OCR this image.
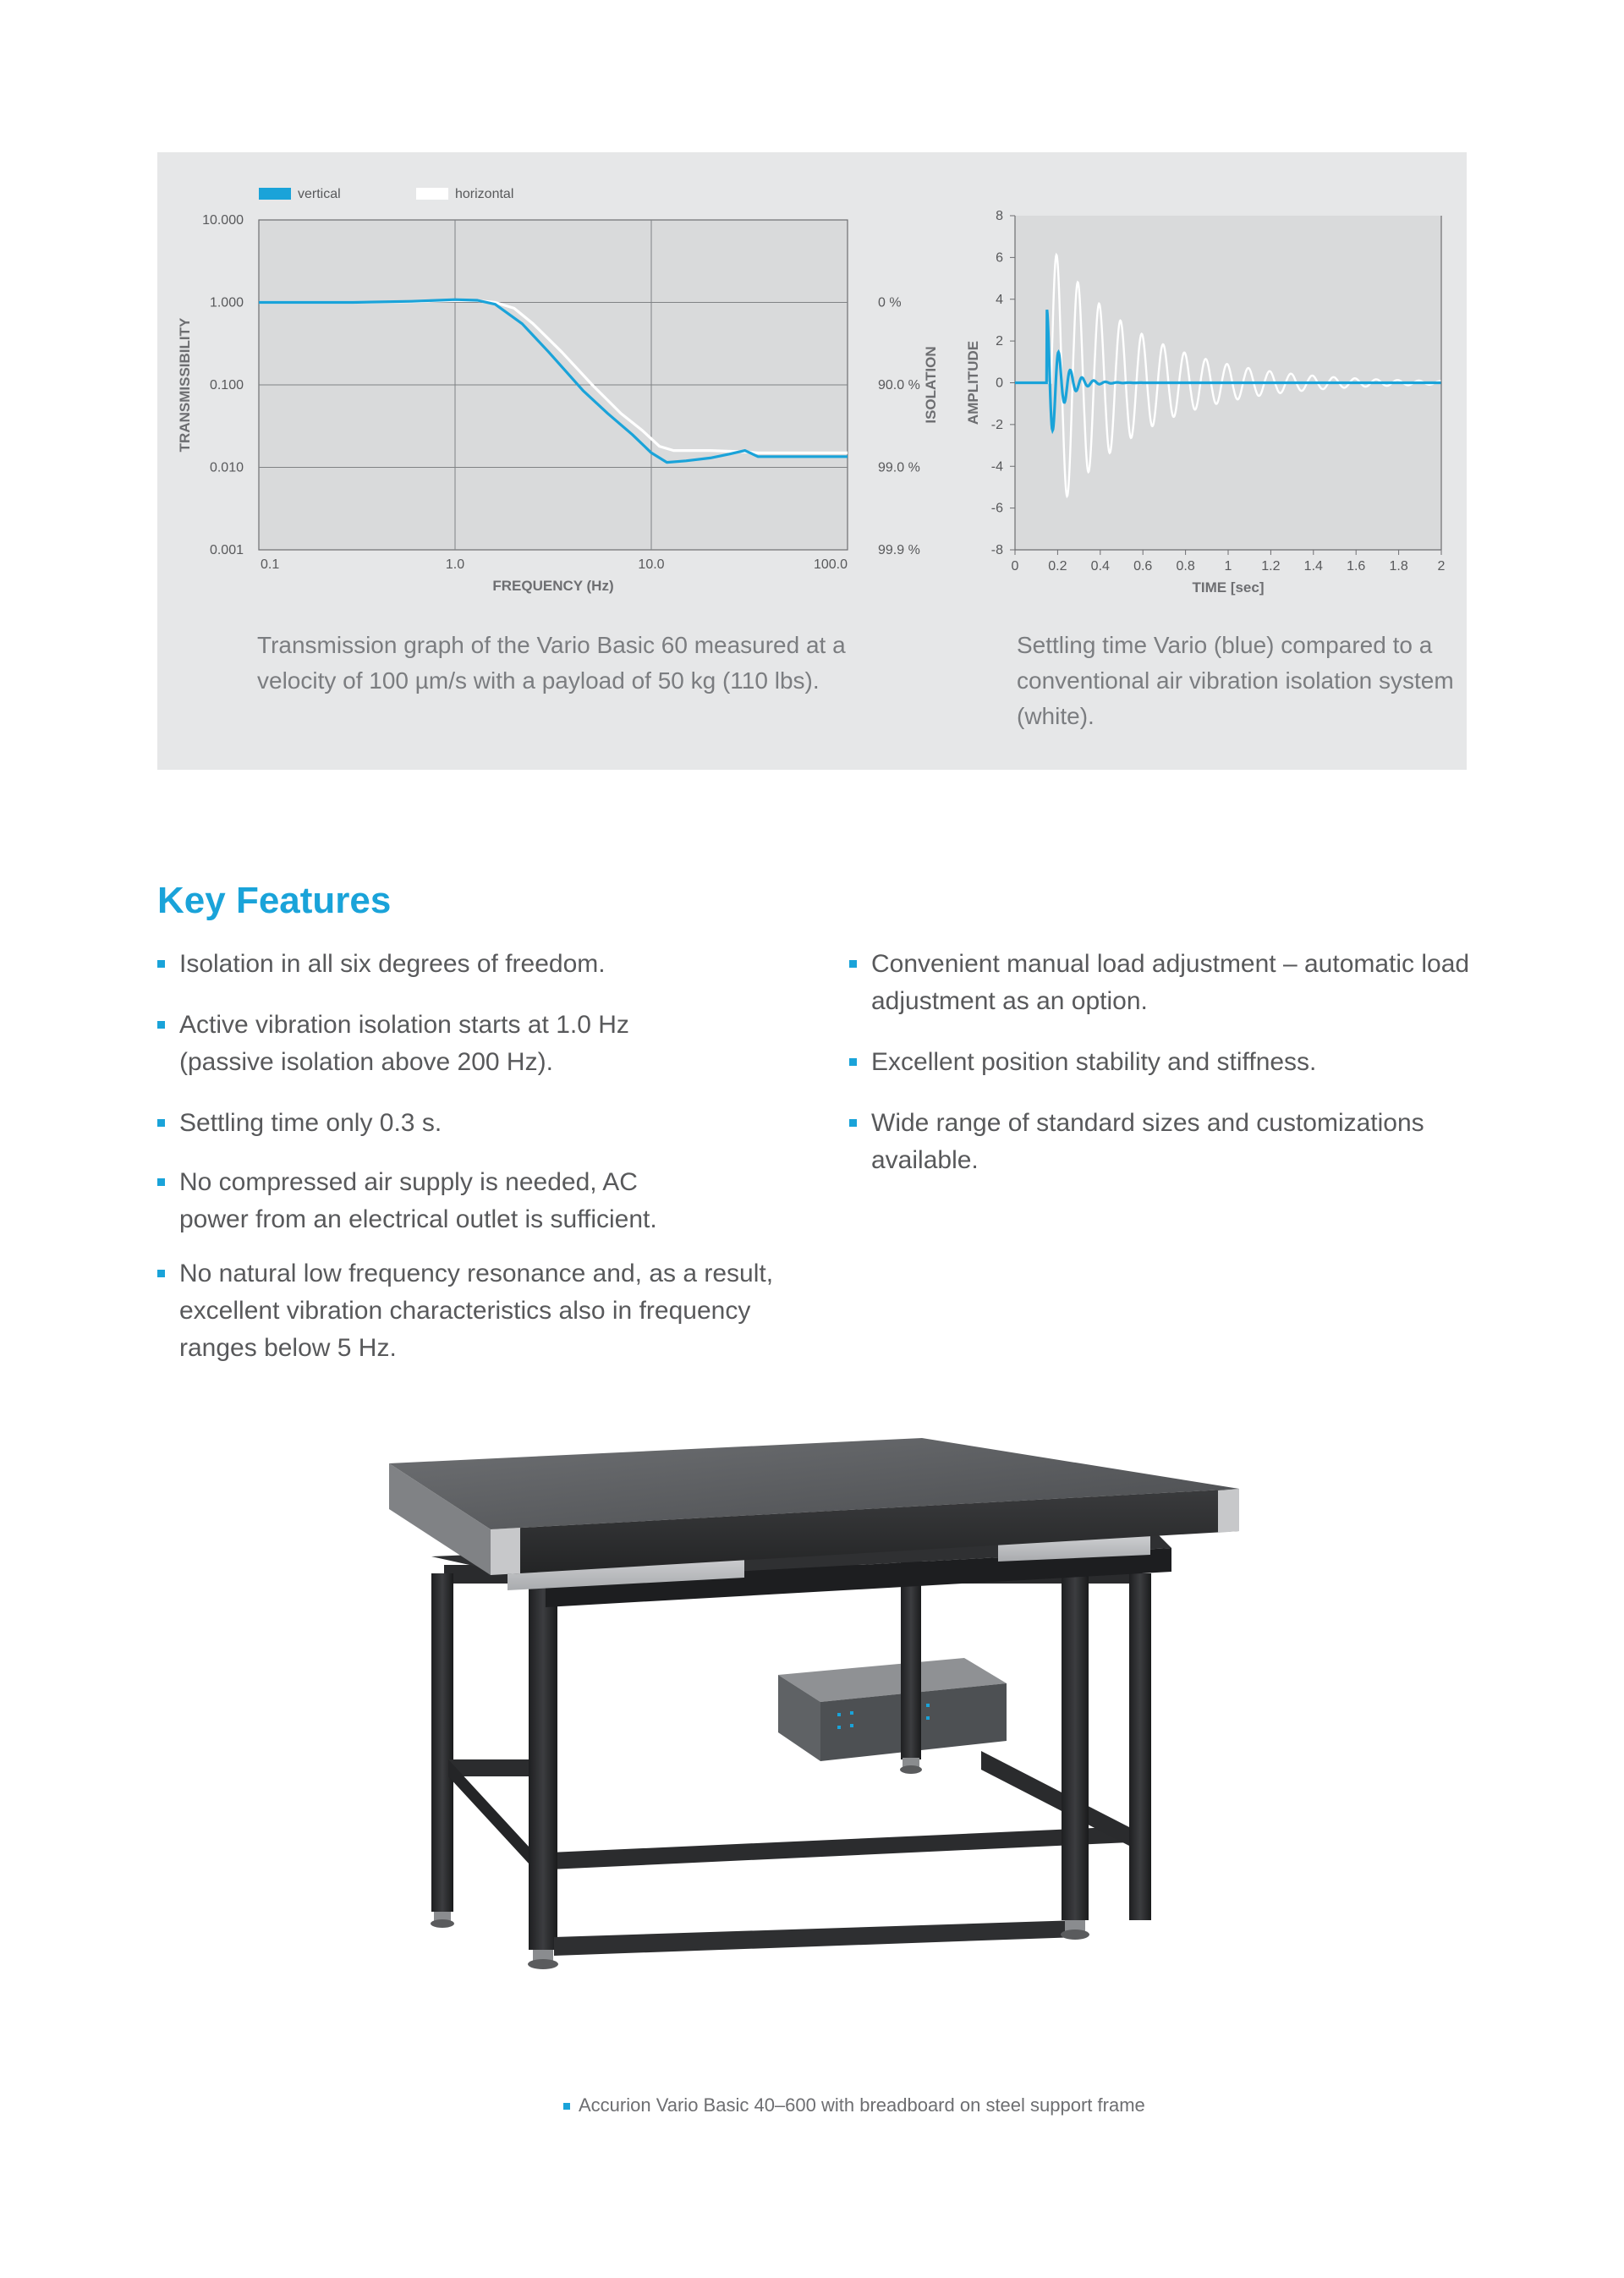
0.1	1.0	10.0	100.0
10.000
1.000
0.100
0.010
0.001
0 %
90.0 %
99.0 %
99.9 %
FREQUENCY (Hz)
TRANSMISSIBILITY	ISOLATION
vertical	horizontal
0 0.2 0.4 0.6 0.8 1 1.2 1.4 1.6 1.8 2
8
6
4
2
0
-2
-4
-6
-8
TIME [sec]
AMPLITUDE
Transmission graph of the Vario Basic 60 measured at a velocity of 100 µm/s with a payload of 50 kg (110 lbs).
Settling time Vario (blue) compared to a conventional air vibration isolation system (white).
Key Features
Isolation in all six degrees of freedom.
Active vibration isolation starts at 1.0 Hz (passive isolation above 200 Hz).
Settling time only 0.3 s.
No compressed air supply is needed, AC power from an electrical outlet is sufficient.
No natural low frequency resonance and, as a result, excellent vibration characteristics also in frequency ranges below 5 Hz.
Convenient manual load adjustment – automatic load adjustment as an option.
Excellent position stability and stiffness.
Wide range of standard sizes and customizations available.
Accurion Vario Basic 40–600 with breadboard on steel support frame
